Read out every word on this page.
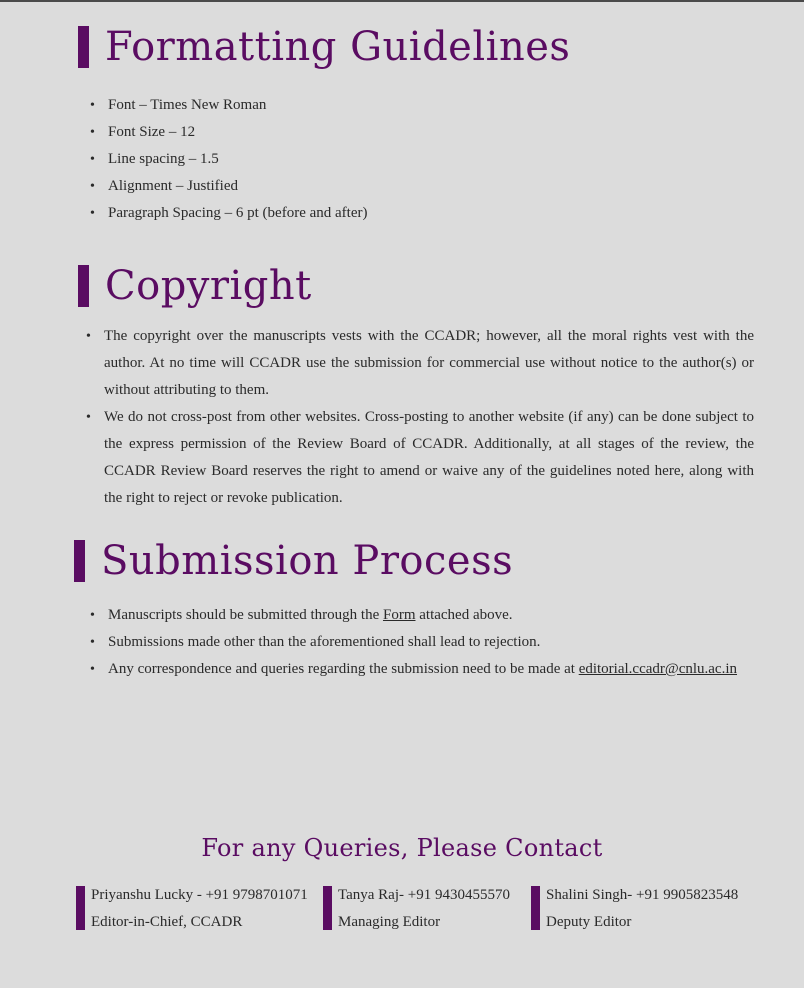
Formatting Guidelines
• Font – Times New Roman
• Font Size – 12
• Line spacing – 1.5
• Alignment – Justified
• Paragraph Spacing – 6 pt (before and after)
Copyright
• The copyright over the manuscripts vests with the CCADR; however, all the moral rights vest with the author. At no time will CCADR use the submission for commercial use without notice to the author(s) or without attributing to them.
• We do not cross-post from other websites. Cross-posting to another website (if any) can be done subject to the express permission of the Review Board of CCADR. Additionally, at all stages of the review, the CCADR Review Board reserves the right to amend or waive any of the guidelines noted here, along with the right to reject or revoke publication.
Submission Process
• Manuscripts should be submitted through the Form attached above.
• Submissions made other than the aforementioned shall lead to rejection.
• Any correspondence and queries regarding the submission need to be made at editorial.ccadr@cnlu.ac.in
For any Queries, Please Contact
Priyanshu Lucky - +91 9798701071
Editor-in-Chief, CCADR
Tanya Raj- +91 9430455570
Managing Editor
Shalini Singh- +91 9905823548
Deputy Editor
